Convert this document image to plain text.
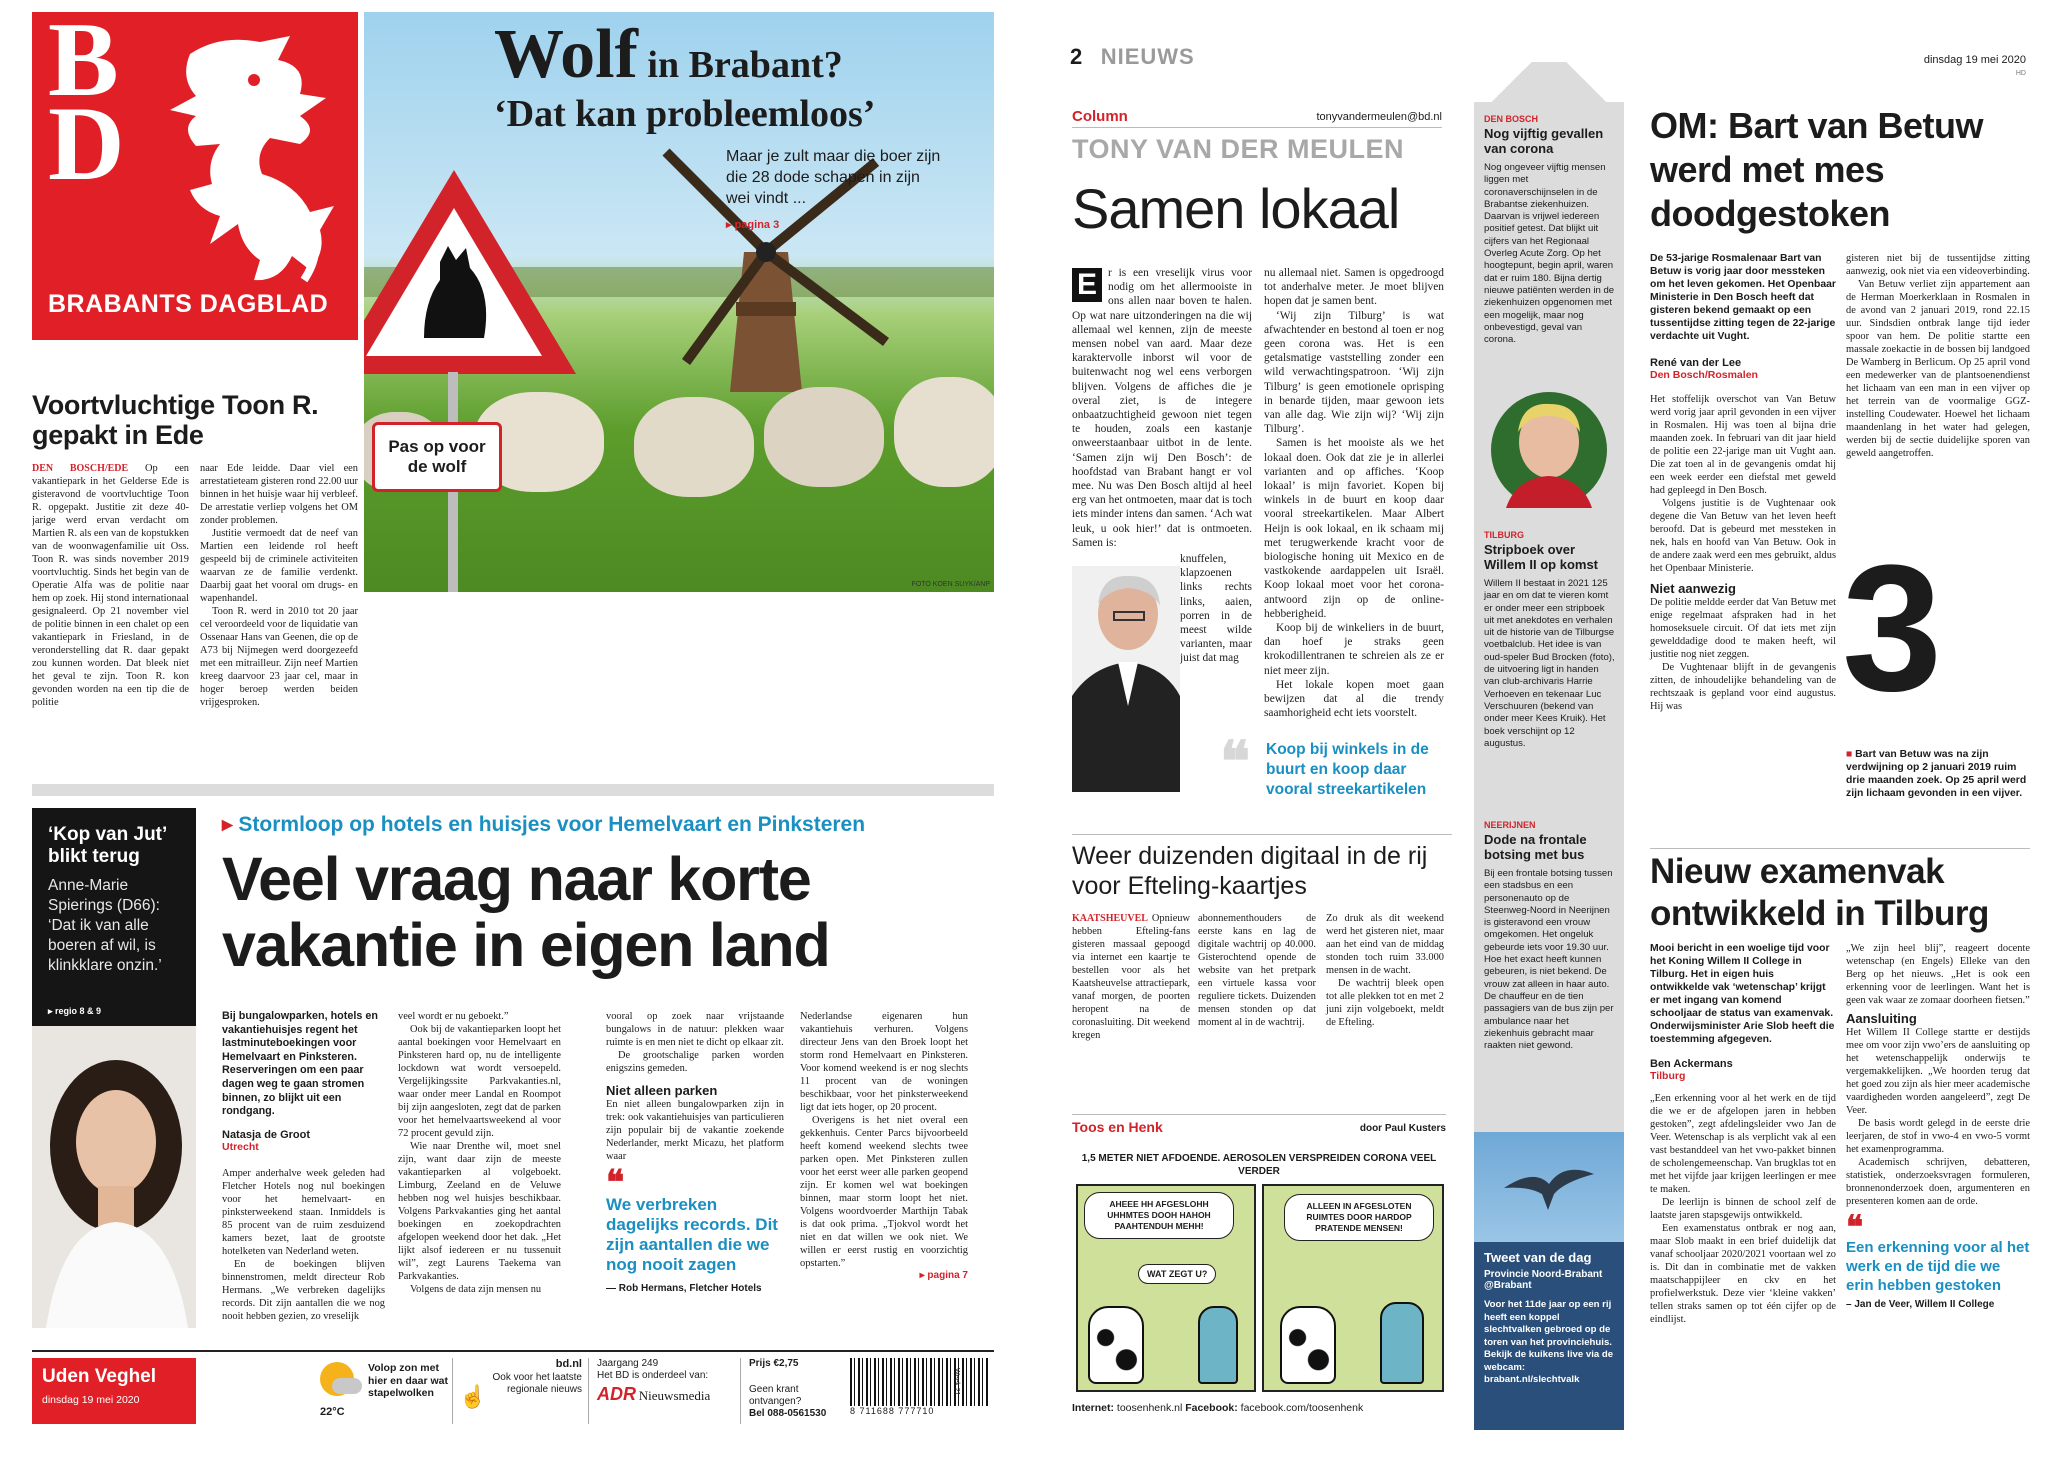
B
D
BRABANTS DAGBLAD
Pas op voor de wolf
Wolf in Brabant?
‘Dat kan probleemloos’
Maar je zult maar die boer zijn die 28 dode schapen in zijn wei vindt ...
▸ pagina 3
FOTO KOEN SUYK/ANP
Voortvluchtige Toon R. gepakt in Ede

DEN BOSCH/EDE Op een vakantiepark in het Gelderse Ede is gisteravond de voortvluchtige Toon R. opgepakt. Justitie zit deze 40-jarige werd ervan verdacht om Martien R. als een van de kopstukken van de woonwagenfamilie uit Oss. Toon R. was sinds november 2019 voortvluchtig. Sinds het begin van de Operatie Alfa was de politie naar hem op zoek. Hij stond internationaal gesignaleerd. Op 21 november viel de politie binnen in een chalet op een vakantiepark in Friesland, in de veronderstelling dat R. daar gepakt zou kunnen worden. Dat bleek niet het geval te zijn. Toon R. kon gevonden worden na een tip die de politie

naar Ede leidde. Daar viel een arrestatieteam gisteren rond 22.00 uur binnen in het huisje waar hij verbleef. De arrestatie verliep volgens het OM zonder problemen.

Justitie vermoedt dat de neef van Martien een leidende rol heeft gespeeld bij de criminele activiteiten waarvan ze de familie verdenkt. Daarbij gaat het vooral om drugs- en wapenhandel.

Toon R. werd in 2010 tot 20 jaar cel veroordeeld voor de liquidatie van Ossenaar Hans van Geenen, die op de A73 bij Nijmegen werd doorgezeefd met een mitrailleur. Zijn neef Martien kreeg daarvoor 23 jaar cel, maar in hoger beroep werden beiden vrijgesproken.

‘Kop van Jut’ blikt terug
Anne-Marie Spierings (D66): ‘Dat ik van alle boeren af wil, is klinkklare onzin.’
▸ regio 8 & 9
▸ Stormloop op hotels en huisjes voor Hemelvaart en Pinksteren
Veel vraag naar korte vakantie in eigen land
Bij bungalowparken, hotels en vakantiehuisjes regent het lastminuteboekingen voor Hemelvaart en Pinksteren. Reserveringen om een paar dagen weg te gaan stromen binnen, zo blijkt uit een rondgang.
Natasja de Groot
Utrecht

Amper anderhalve week geleden had Fletcher Hotels nog nul boekingen voor het hemelvaart- en pinksterweekend staan. Inmiddels is 85 procent van de ruim zesduizend kamers bezet, laat de grootste hotelketen van Nederland weten.

En de boekingen blijven binnenstromen, meldt directeur Rob Hermans. „We verbreken dagelijks records. Dit zijn aantallen die we nog nooit hebben gezien, zo vreselijk

veel wordt er nu geboekt.”

Ook bij de vakantieparken loopt het aantal boekingen voor Hemelvaart en Pinksteren hard op, nu de intelligente lockdown wat wordt versoepeld. Vergelijkingssite Parkvakanties.nl, waar onder meer Landal en Roompot bij zijn aangesloten, zegt dat de parken voor het hemelvaartsweekend al voor 72 procent gevuld zijn.

Wie naar Drenthe wil, moet snel zijn, want daar zijn de meeste vakantieparken al volgeboekt. Limburg, Zeeland en de Veluwe hebben nog wel huisjes beschikbaar. Volgens Parkvakanties ging het aantal boekingen en zoekopdrachten afgelopen weekend door het dak. „Het lijkt alsof iedereen er nu tussenuit wil”, zegt Laurens Taekema van Parkvakanties.

Volgens de data zijn mensen nu

vooral op zoek naar vrijstaande bungalows in de natuur: plekken waar ruimte is en men niet te dicht op elkaar zit.

De grootschalige parken worden enigszins gemeden.

Niet alleen parken

En niet alleen bungalowparken zijn in trek: ook vakantiehuisjes van particulieren zijn populair bij de vakantie zoekende Nederlander, merkt Micazu, het platform waar

❝
We verbreken dagelijks records. Dit zijn aantallen die we nog nooit zagen
— Rob Hermans, Fletcher Hotels

Nederlandse eigenaren hun vakantiehuis verhuren. Volgens directeur Jens van den Broek loopt het storm rond Hemelvaart en Pinksteren. Voor komend weekend is er nog slechts 11 procent van de woningen beschikbaar, voor het pinksterweekend ligt dat iets hoger, op 20 procent.

Overigens is het niet overal een gekkenhuis. Center Parcs bijvoorbeeld heeft komend weekend slechts twee parken open. Met Pinksteren zullen voor het eerst weer alle parken geopend zijn. Er komen wel wat boekingen binnen, maar storm loopt het niet. Volgens woordvoerder Marthijn Tabak is dat ook prima. „Tjokvol wordt het niet en dat willen we ook niet. We willen er eerst rustig en voorzichtig opstarten.”

▸ pagina 7
Uden Veghel
dinsdag 19 mei 2020
22°C
Volop zon met hier en daar wat stapelwolken
bd.nl
☝
Ook voor het laatste regionale nieuws
Jaargang 249
Het BD is onderdeel van:
ADR Nieuwsmedia
Prijs €2,75
Geen krant ontvangen?
Bel 088-0561530	8 711688 777710
Week 21
2 NIEUWS	dinsdag 19 mei 2020
HD
Column	tonyvandermeulen@bd.nl
TONY VAN DER MEULEN
Samen lokaal

E r is een vreselijk virus voor nodig om het allermooiste in ons allen naar boven te halen. Op wat nare uitzonderingen na die wij allemaal wel kennen, zijn de meeste mensen nobel van aard. Maar deze karaktervolle inborst wil voor de buitenwacht nog wel eens verborgen blijven. Volgens de affiches die je overal ziet, is de integere onbaatzuchtigheid gewoon niet tegen te houden, zoals een kastanje onweerstaanbaar uitbot in de lente. ‘Samen zijn wij Den Bosch’: de hoofdstad van Brabant hangt er vol mee. Nu was Den Bosch altijd al heel erg van het ontmoeten, maar dat is toch iets minder intens dan samen. ‘Ach wat leuk, u ook hier!’ dat is ontmoeten. Samen is:

knuffelen, klapzoenen links rechts links, aaien, porren in de meest wilde varianten, maar juist dat mag

nu allemaal niet. Samen is opgedroogd tot anderhalve meter. Je moet blijven hopen dat je samen bent.

‘Wij zijn Tilburg’ is wat afwachtender en bestond al toen er nog geen corona was. Het is een getalsmatige vaststelling zonder een wild verwachtingspatroon. ‘Wij zijn Tilburg’ is geen emotionele oprisping in benarde tijden, maar gewoon iets van alle dag. Wie zijn wij? ‘Wij zijn Tilburg’.

Samen is het mooiste als we het lokaal doen. Ook dat zie je in allerlei varianten and op affiches. ‘Koop lokaal’ is mijn favoriet. Kopen bij winkels in de buurt en koop daar vooral streekartikelen. Maar Albert Heijn is ook lokaal, en ik schaam mij met terugwerkende kracht voor de biologische honing uit Mexico en de vastkokende aardappelen uit Israël. Koop lokaal moet voor het corona-antwoord zijn op de online-hebberigheid.

Koop bij de winkeliers in de buurt, dan hoef je straks geen krokodillentranen te schreien als ze er niet meer zijn.

Het lokale kopen moet gaan bewijzen dat al die trendy saamhorigheid echt iets voorstelt.

❝ Koop bij winkels in de buurt en koop daar vooral streekartikelen
Weer duizenden digitaal in de rij voor Efteling-kaartjes

KAATSHEUVEL Opnieuw hebben Efteling-fans gisteren massaal gepoogd via internet een kaartje te bestellen voor als het Kaatsheuvelse attractiepark, vanaf morgen, de poorten heropent na de coronasluiting. Dit weekend kregen

abonnementhouders de eerste kans en lag de digitale wachtrij op 40.000. Gisterochtend opende de website van het pretpark een virtuele kassa voor reguliere tickets. Duizenden mensen stonden op dat moment al in de wachtrij.

Zo druk als dit weekend werd het gisteren niet, maar aan het eind van de middag stonden toch ruim 33.000 mensen in de wacht.

De wachtrij bleek open tot alle plekken tot en met 2 juni zijn volgeboekt, meldt de Efteling.

Toos en Henk	door Paul Kusters
1,5 METER NIET AFDOENDE. AEROSOLEN VERSPREIDEN CORONA VEEL VERDER
AHEEE HH AFGESLOHH UHHMTES DOOH HAHOH PAAHTENDUH MEHH!
WAT ZEGT U?
ALLEEN IN AFGESLOTEN RUIMTES DOOR HARDOP PRATENDE MENSEN!
Internet: toosenhenk.nl Facebook: facebook.com/toosenhenk
DEN BOSCH
Nog vijftig gevallen van corona
Nog ongeveer vijftig mensen liggen met coronaverschijnselen in de Brabantse ziekenhuizen. Daarvan is vrijwel iedereen positief getest. Dat blijkt uit cijfers van het Regionaal Overleg Acute Zorg. Op het hoogtepunt, begin april, waren dat er ruim 180. Bijna dertig nieuwe patiënten werden in de ziekenhuizen opgenomen met een mogelijk, maar nog onbevestigd, geval van corona.
TILBURG
Stripboek over Willem II op komst
Willem II bestaat in 2021 125 jaar en om dat te vieren komt er onder meer een stripboek uit met anekdotes en verhalen uit de historie van de Tilburgse voetbalclub. Het idee is van oud-speler Bud Brocken (foto), de uitvoering ligt in handen van club-archivaris Harrie Verhoeven en tekenaar Luc Verschuuren (bekend van onder meer Kees Kruik). Het boek verschijnt op 12 augustus.
NEERIJNEN
Dode na frontale botsing met bus
Bij een frontale botsing tussen een stadsbus en een personenauto op de Steenweg-Noord in Neerijnen is gisteravond een vrouw omgekomen. Het ongeluk gebeurde iets voor 19.30 uur. Hoe het exact heeft kunnen gebeuren, is niet bekend. De vrouw zat alleen in haar auto. De chauffeur en de tien passagiers van de bus zijn per ambulance naar het ziekenhuis gebracht maar raakten niet gewond.
Tweet van de dag
Provincie Noord-Brabant
@Brabant
Voor het 11de jaar op een rij heeft een koppel slechtvalken gebroed op de toren van het provinciehuis. Bekijk de kuikens live via de webcam:
brabant.nl/slechtvalk
OM: Bart van Betuw werd met mes doodgestoken
De 53-jarige Rosmalenaar Bart van Betuw is vorig jaar door messteken om het leven gekomen. Het Openbaar Ministerie in Den Bosch heeft dat gisteren bekend gemaakt op een tussentijdse zitting tegen de 22-jarige verdachte uit Vught.
René van der Lee
Den Bosch/Rosmalen

Het stoffelijk overschot van Van Betuw werd vorig jaar april gevonden in een vijver in Rosmalen. Hij was toen al bijna drie maanden zoek. In februari van dit jaar hield de politie een 22-jarige man uit Vught aan. Die zat toen al in de gevangenis omdat hij een week eerder een diefstal met geweld had gepleegd in Den Bosch.

Volgens justitie is de Vughtenaar ook degene die Van Betuw van het leven heeft beroofd. Dat is gebeurd met messteken in nek, hals en hoofd van Van Betuw. Ook in de andere zaak werd een mes gebruikt, aldus het Openbaar Ministerie.

Niet aanwezig

De politie meldde eerder dat Van Betuw met enige regelmaat afspraken had in het homoseksuele circuit. Of dat iets met zijn gewelddadige dood te maken heeft, wil justitie nog niet zeggen.

De Vughtenaar blijft in de gevangenis zitten, de inhoudelijke behandeling van de rechtszaak is gepland voor eind augustus. Hij was

gisteren niet bij de tussentijdse zitting aanwezig, ook niet via een videoverbinding.

Van Betuw verliet zijn appartement aan de Herman Moerkerklaan in Rosmalen in de avond van 2 januari 2019, rond 22.15 uur. Sindsdien ontbrak lange tijd ieder spoor van hem. De politie startte een massale zoekactie in de bossen bij landgoed De Wamberg in Berlicum. Op 25 april vond een medewerker van de plantsoenendienst het lichaam van een man in een vijver op het terrein van de voormalige GGZ-instelling Coudewater. Hoewel het lichaam maandenlang in het water had gelegen, werden bij de sectie duidelijke sporen van geweld aangetroffen.

3
■ Bart van Betuw was na zijn verdwijning op 2 januari 2019 ruim drie maanden zoek. Op 25 april werd zijn lichaam gevonden in een vijver.
Nieuw examenvak ontwikkeld in Tilburg
Mooi bericht in een woelige tijd voor het Koning Willem II College in Tilburg. Het in eigen huis ontwikkelde vak ‘wetenschap’ krijgt er met ingang van komend schooljaar de status van examenvak. Onderwijsminister Arie Slob heeft die toestemming afgegeven.
Ben Ackermans
Tilburg

„Een erkenning voor al het werk en de tijd die we er de afgelopen jaren in hebben gestoken”, zegt afdelingsleider vwo Jan de Veer. Wetenschap is als verplicht vak al een vast bestanddeel van het vwo-pakket binnen de scholengemeenschap. Van brugklas tot en met het vijfde jaar krijgen leerlingen er mee te maken.

De leerlijn is binnen de school zelf de laatste jaren stapsgewijs ontwikkeld.

Een examenstatus ontbrak er nog aan, maar Slob maakt in een brief duidelijk dat vanaf schooljaar 2020/2021 voortaan wel zo is. Dit dan in combinatie met de vakken maatschappijleer en ckv en het profielwerkstuk. Deze vier ‘kleine vakken’ tellen straks samen op tot één cijfer op de eindlijst.

„We zijn heel blij”, reageert docente wetenschap (en Engels) Elleke van den Berg op het nieuws. „Het is ook een erkenning voor de leerlingen. Want het is geen vak waar ze zomaar doorheen fietsen.”

Aansluiting

Het Willem II College startte er destijds mee om voor zijn vwo’ers de aansluiting op het wetenschappelijk onderwijs te vergemakkelijken. „We hoorden terug dat het goed zou zijn als hier meer academische vaardigheden worden aangeleerd”, zegt De Veer.

De basis wordt gelegd in de eerste drie leerjaren, de stof in vwo-4 en vwo-5 vormt het examenprogramma.

Academisch schrijven, debatteren, statistiek, onderzoeksvragen formuleren, bronnenonderzoek doen, argumenteren en presenteren komen aan de orde.

❝
Een erkenning voor al het werk en de tijd die we erin hebben gestoken
– Jan de Veer, Willem II College
